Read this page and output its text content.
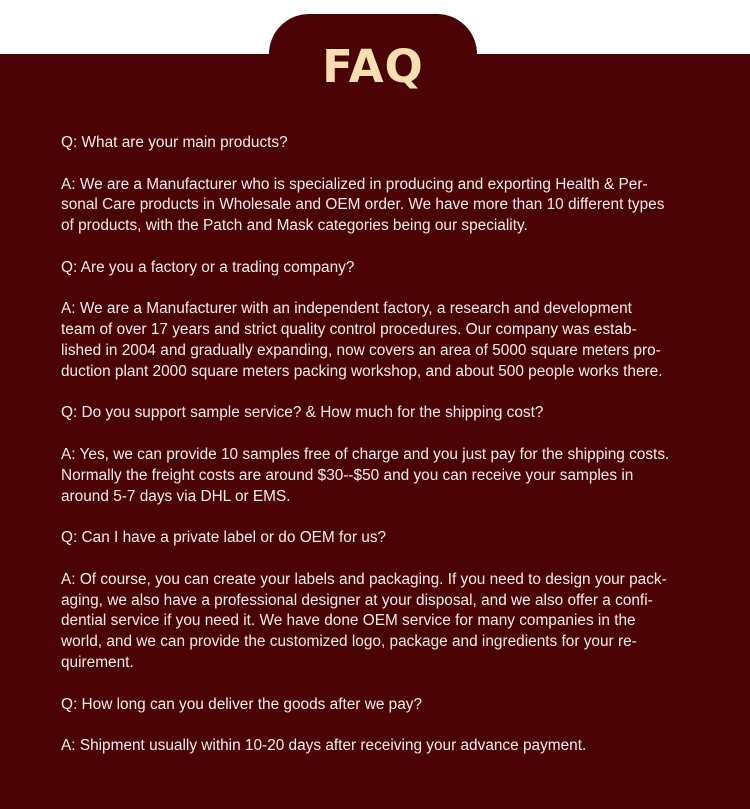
FAQ

Q: What are your main products?

A: We are a Manufacturer who is specialized in producing and exporting Health & Per-
sonal Care products in Wholesale and OEM order. We have more than 10 different types
of products, with the Patch and Mask categories being our speciality.

Q: Are you a factory or a trading company?

A: We are a Manufacturer with an independent factory, a research and development
team of over 17 years and strict quality control procedures. Our company was estab-
lished in 2004 and gradually expanding, now covers an area of 5000 square meters pro-
duction plant 2000 square meters packing workshop, and about 500 people works there.

Q: Do you support sample service? & How much for the shipping cost?

A: Yes, we can provide 10 samples free of charge and you just pay for the shipping costs.
Normally the freight costs are around $30--$50 and you can receive your samples in
around 5-7 days via DHL or EMS.

Q: Can I have a private label or do OEM for us?

A: Of course, you can create your labels and packaging. If you need to design your pack-
aging, we also have a professional designer at your disposal, and we also offer a confi-
dential service if you need it. We have done OEM service for many companies in the
world, and we can provide the customized logo, package and ingredients for your re-
quirement.

Q: How long can you deliver the goods after we pay?

A: Shipment usually within 10-20 days after receiving your advance payment.
